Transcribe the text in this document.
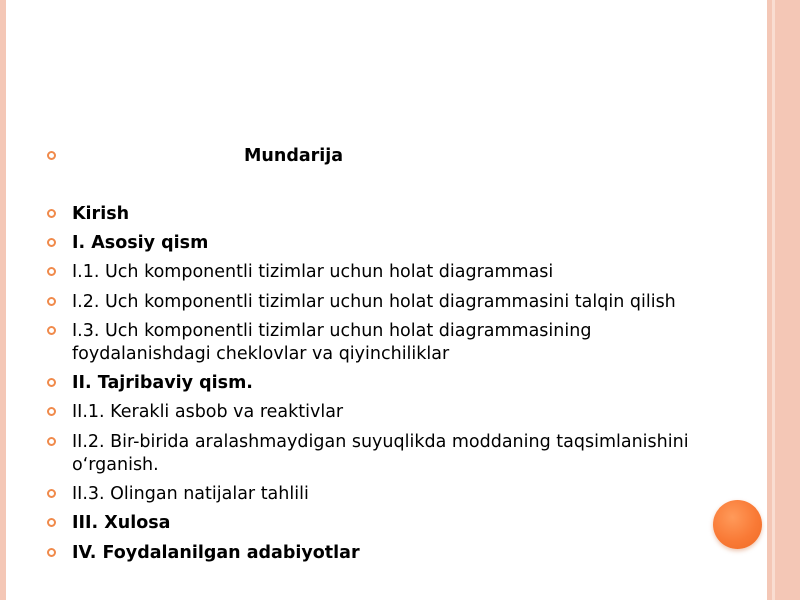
Mundarija
Kirish
I. Asosiy qism
I.1. Uch komponentli tizimlar uchun holat diagrammasi
I.2. Uch komponentli tizimlar uchun holat diagrammasini talqin qilish
I.3. Uch komponentli tizimlar uchun holat diagrammasining
foydalanishdagi cheklovlar va qiyinchiliklar
II. Tajribaviy qism.
II.1. Kerakli asbob va reaktivlar
II.2. Bir-birida aralashmaydigan suyuqlikda moddaning taqsimlanishini
o‘rganish.
II.3. Olingan natijalar tahlili
III. Xulosa
IV. Foydalanilgan adabiyotlar
